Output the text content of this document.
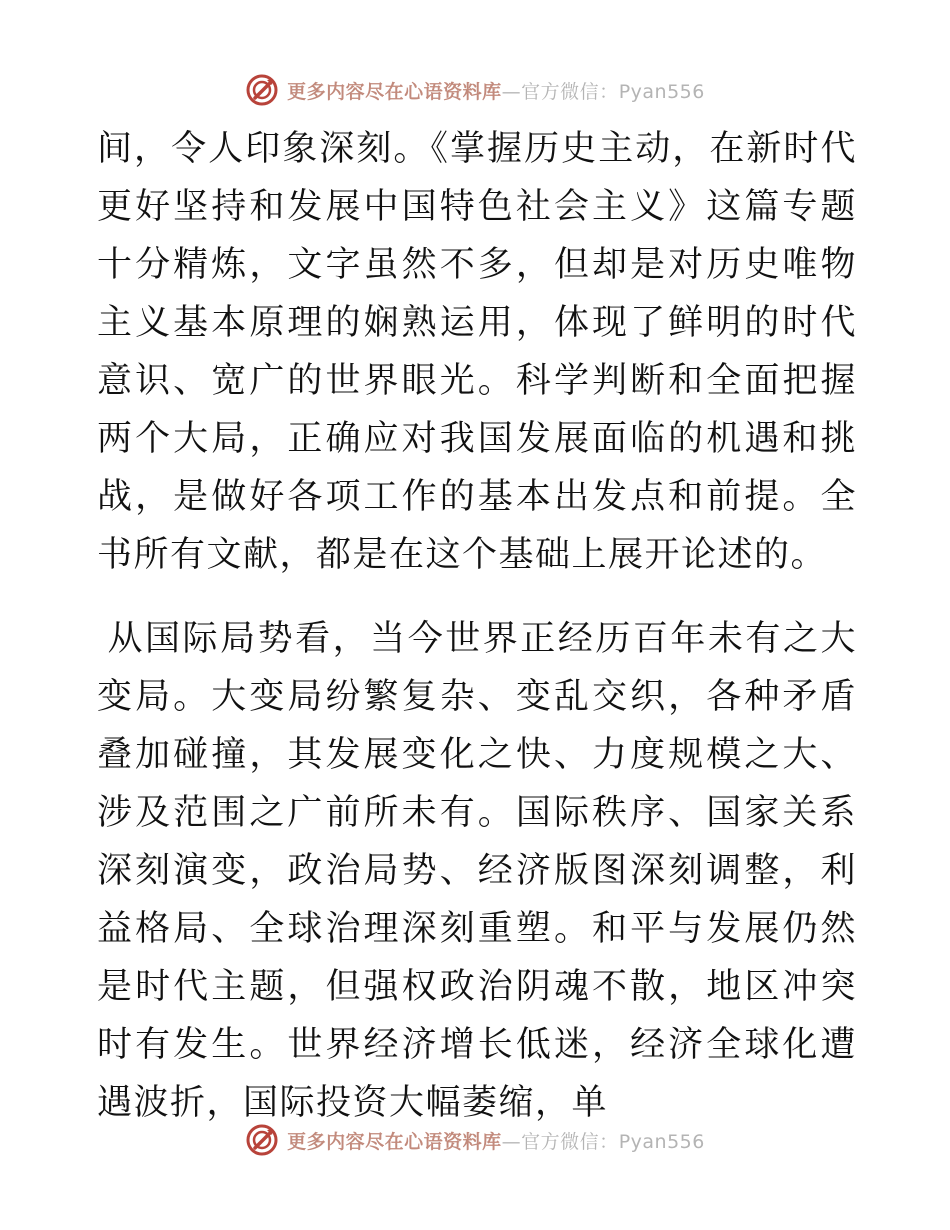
更多内容尽在心语资料库—官方微信：Pyan556

间，令人印象深刻。《掌握历史主动，在新时代更好坚持和发展中国特色社会主义》这篇专题十分精炼，文字虽然不多，但却是对历史唯物主义基本原理的娴熟运用，体现了鲜明的时代意识、宽广的世界眼光。科学判断和全面把握两个大局，正确应对我国发展面临的机遇和挑战，是做好各项工作的基本出发点和前提。全书所有文献，都是在这个基础上展开论述的。

从国际局势看，当今世界正经历百年未有之大变局。大变局纷繁复杂、变乱交织，各种矛盾叠加碰撞，其发展变化之快、力度规模之大、涉及范围之广前所未有。国际秩序、国家关系深刻演变，政治局势、经济版图深刻调整，利益格局、全球治理深刻重塑。和平与发展仍然是时代主题，但强权政治阴魂不散，地区冲突时有发生。世界经济增长低迷，经济全球化遭遇波折，国际投资大幅萎缩，单

更多内容尽在心语资料库—官方微信：Pyan556
